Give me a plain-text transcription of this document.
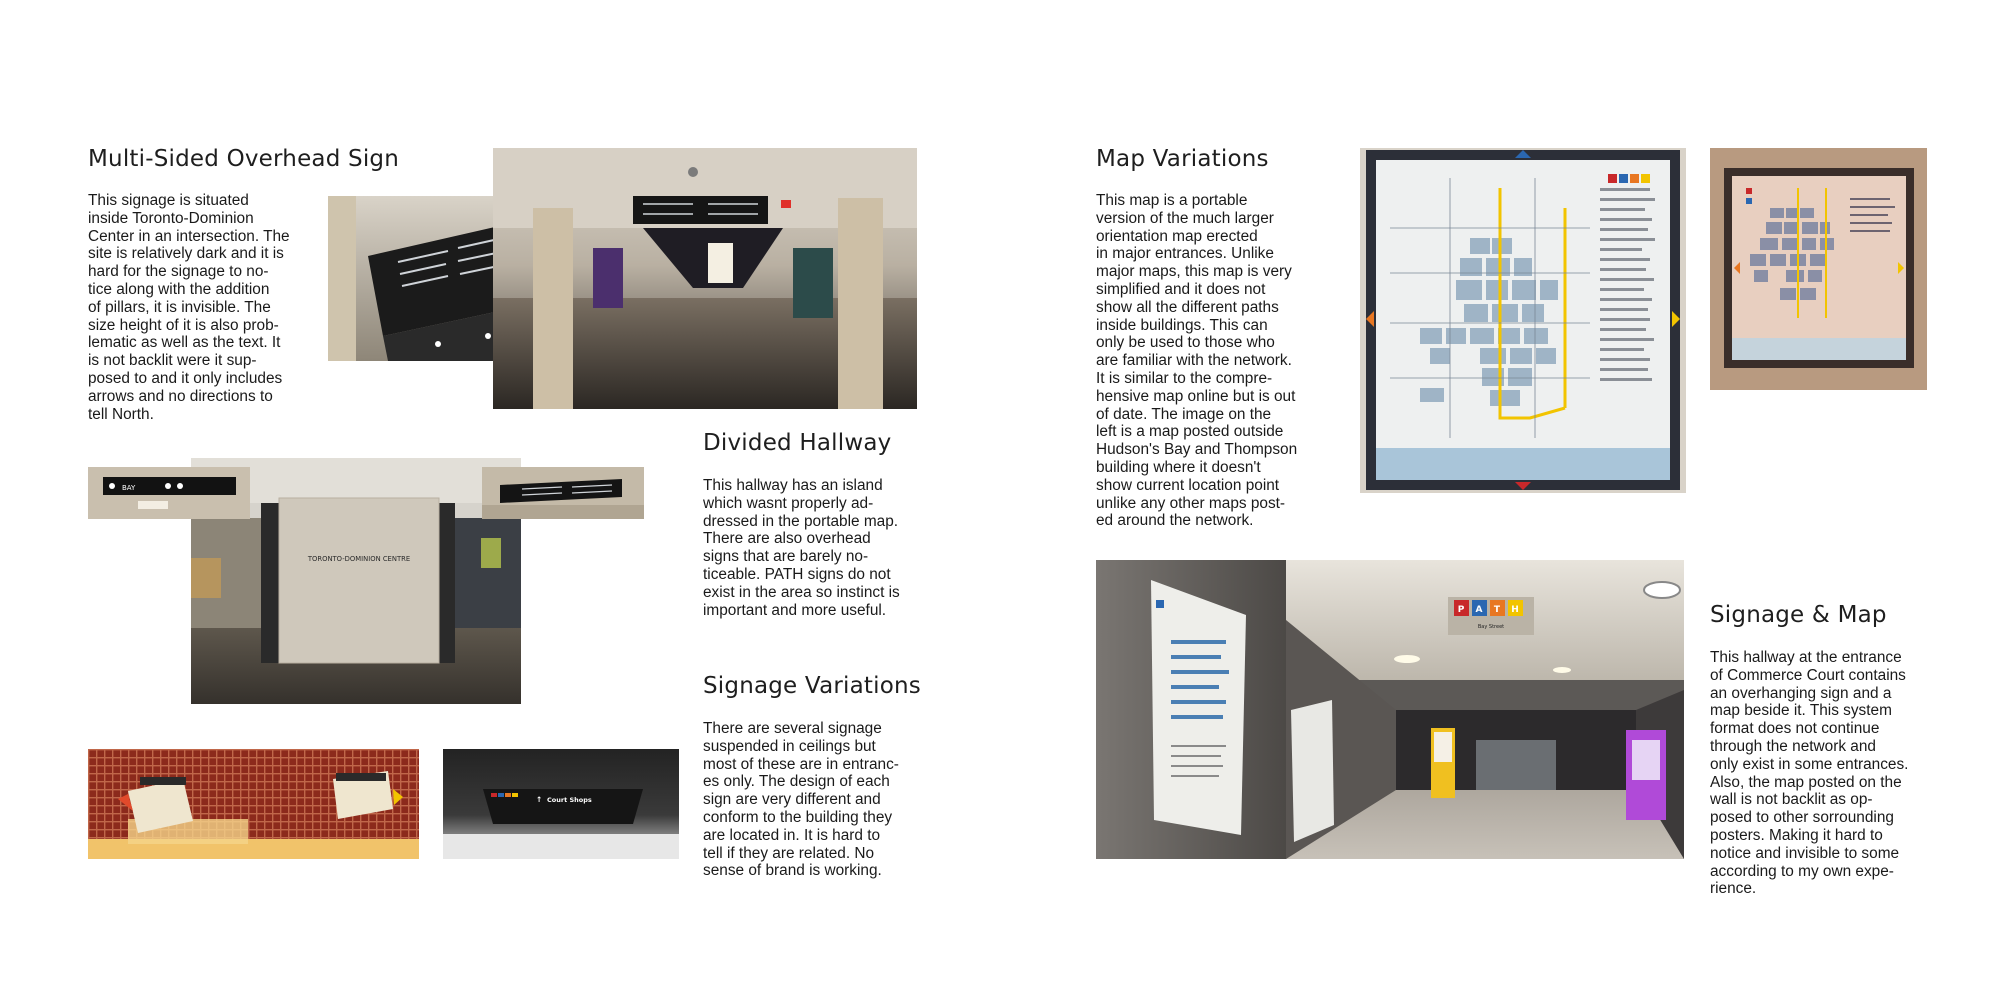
Multi-Sided Overhead Sign
This signage is situated
inside Toronto-Dominion
Center in an intersection. The
site is relatively dark and it is
hard for the signage to no-
tice along with the addition
of pillars, it is invisible. The
size height of it is also prob-
lematic as well as the text. It
is not backlit were it sup-
posed to and it only includes
arrows and no directions to
tell North.
Divided Hallway
This hallway has an island
which wasnt properly ad-
dressed in the portable map.
There are also overhead
signs that are barely no-
ticeable. PATH signs do not
exist in the area so instinct is
important and more useful.
Signage Variations
There are several signage
suspended in ceilings but
most of these are in entranc-
es only. The design of each
sign are very different and
conform to the building they
are located in. It is hard to
tell if they are related. No
sense of brand is working.
Map Variations
This map is a portable
version of the much larger
orientation map erected
in major entrances. Unlike
major maps, this map is very
simplified and it does not
show all the different paths
inside buildings. This can
only be used to those who
are familiar with the network.
It is similar to the compre-
hensive map online but is out
of date. The image on the
left is a map posted outside
Hudson's Bay and Thompson
building where it doesn't
show current location point
unlike any other maps post-
ed around the network.
Signage & Map
This hallway at the entrance
of Commerce Court contains
an overhanging sign and a
map beside it. This system
format does not continue
through the network and
only exist in some entrances.
Also, the map posted on the
wall is not backlit as op-
posed to other sorrounding
posters. Making it hard to
notice and invisible to some
according to my own expe-
rience.
TORONTO-DOMINION CENTRE
BAY
↑ Court Shops
P A T H
Bay Street
